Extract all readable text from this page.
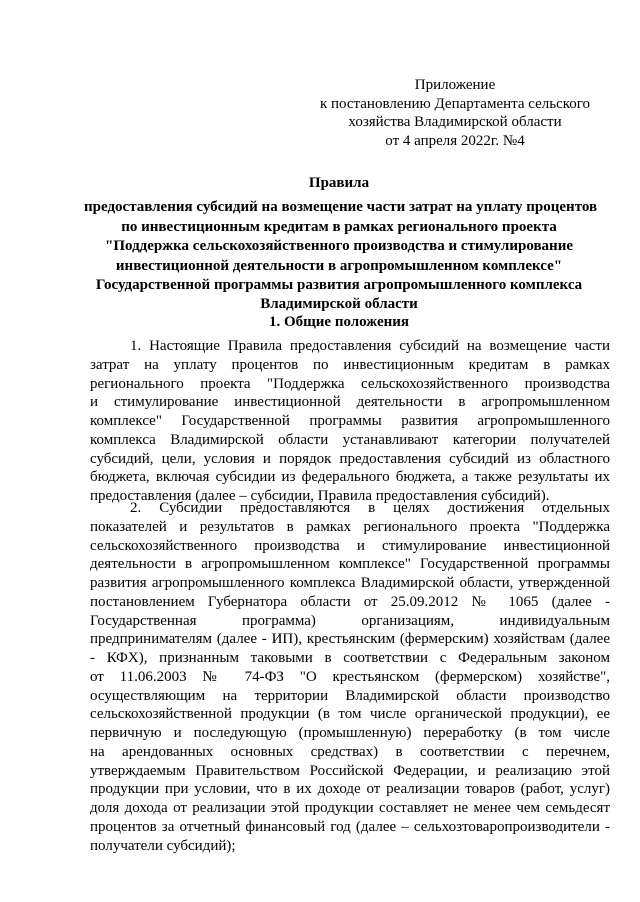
Приложение
к постановлению Департамента сельского
хозяйства Владимирской области
от 4 апреля 2022г. №4
Правила
предоставления субсидий на возмещение части затрат на уплату процентов
по инвестиционным кредитам в рамках регионального проекта
"Поддержка сельскохозяйственного производства и стимулирование
инвестиционной деятельности в агропромышленном комплексе"
Государственной программы развития агропромышленного комплекса
Владимирской области
1. Общие положения
1. Настоящие Правила предоставления субсидий на возмещение части
затрат на уплату процентов по инвестиционным кредитам в рамках
регионального проекта "Поддержка сельскохозяйственного производства
и стимулирование инвестиционной деятельности в агропромышленном
комплексе" Государственной программы развития агропромышленного
комплекса Владимирской области устанавливают категории получателей
субсидий, цели, условия и порядок предоставления субсидий из областного
бюджета, включая субсидии из федерального бюджета, а также результаты их
предоставления (далее – субсидии, Правила предоставления субсидий).
2. Субсидии предоставляются в целях достижения отдельных
показателей и результатов в рамках регионального проекта "Поддержка
сельскохозяйственного производства и стимулирование инвестиционной
деятельности в агропромышленном комплексе" Государственной программы
развития агропромышленного комплекса Владимирской области, утвержденной
постановлением Губернатора области от 25.09.2012 № 1065 (далее -
Государственная программа) организациям, индивидуальным
предпринимателям (далее - ИП), крестьянским (фермерским) хозяйствам (далее
- КФХ), признанным таковыми в соответствии с Федеральным законом
от 11.06.2003 № 74-ФЗ "О крестьянском (фермерском) хозяйстве",
осуществляющим на территории Владимирской области производство
сельскохозяйственной продукции (в том числе органической продукции), ее
первичную и последующую (промышленную) переработку (в том числе
на арендованных основных средствах) в соответствии с перечнем,
утверждаемым Правительством Российской Федерации, и реализацию этой
продукции при условии, что в их доходе от реализации товаров (работ, услуг)
доля дохода от реализации этой продукции составляет не менее чем семьдесят
процентов за отчетный финансовый год (далее – сельхозтоваропроизводители -
получатели субсидий);
